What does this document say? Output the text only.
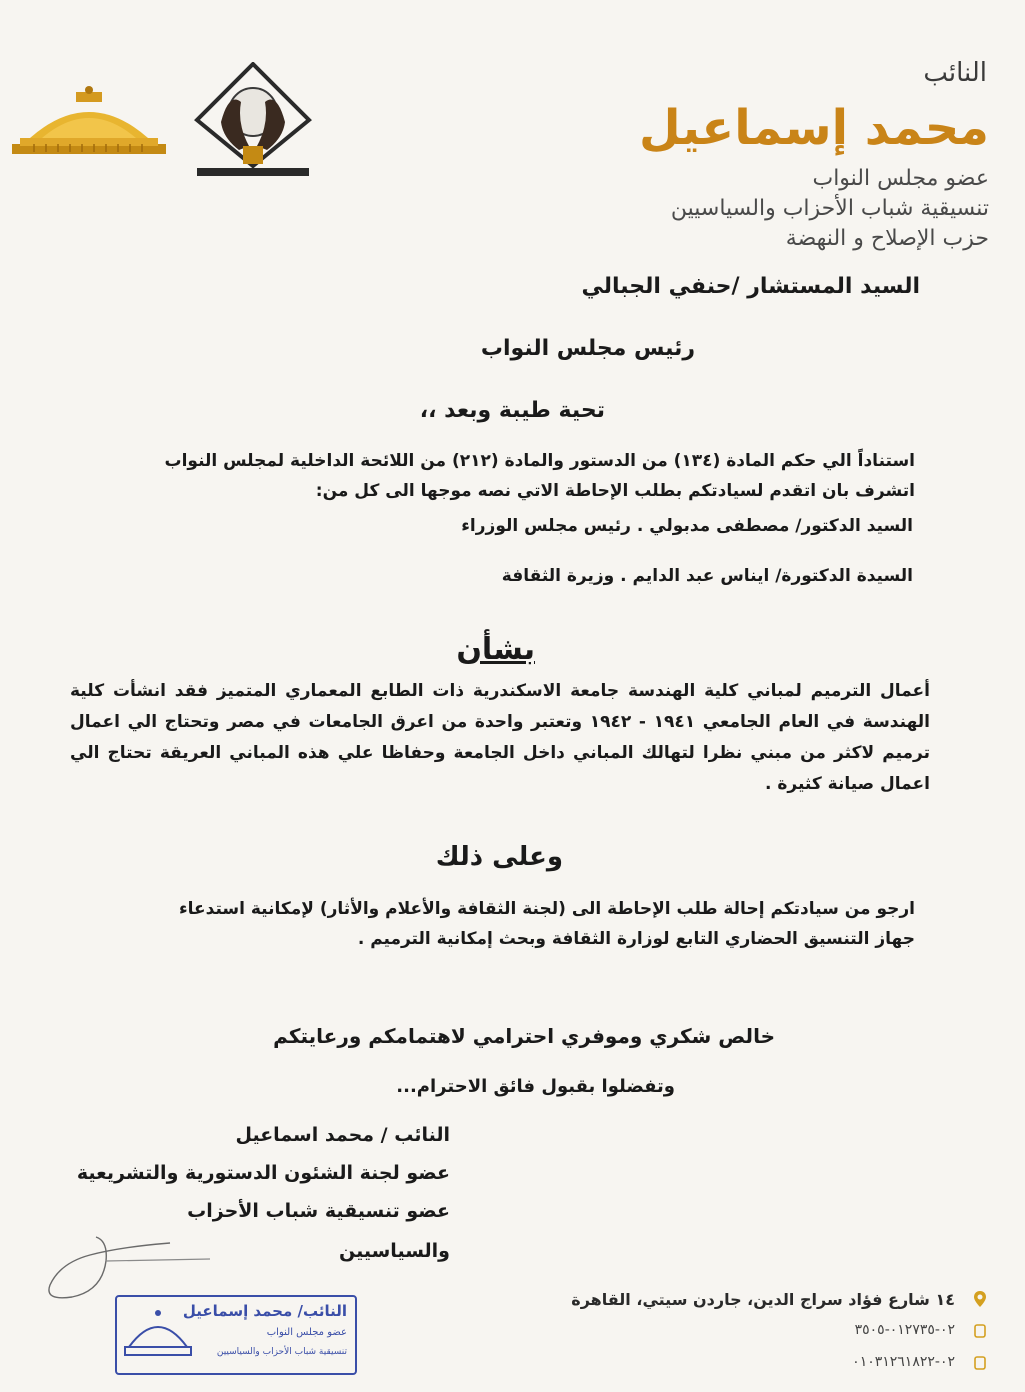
النائب
محمد إسماعيل
عضو مجلس النواب
تنسيقية شباب الأحزاب والسياسيين
حزب الإصلاح و النهضة
السيد المستشار /حنفي الجبالي
رئيس مجلس النواب
تحية طيبة وبعد ،،
استناداً الي حكم المادة (١٣٤) من الدستور والمادة (٢١٢) من اللائحة الداخلية لمجلس النواب اتشرف بان اتقدم لسيادتكم بطلب الإحاطة الاتي نصه موجها الى كل من:
السيد الدكتور/ مصطفى مدبولي . رئيس مجلس الوزراء
السيدة الدكتورة/ ايناس عبد الدايم . وزيرة الثقافة
بشأن
أعمال الترميم لمباني كلية الهندسة جامعة الاسكندرية ذات الطابع المعماري المتميز فقد انشأت كلية الهندسة في العام الجامعي ١٩٤١ - ١٩٤٢ وتعتبر واحدة من اعرق الجامعات في مصر وتحتاج الي اعمال ترميم لاكثر من مبني نظرا لتهالك المباني داخل الجامعة وحفاظا علي هذه المباني العريقة تحتاج الي اعمال صيانة كثيرة .
وعلى ذلك
ارجو من سيادتكم إحالة طلب الإحاطة الى (لجنة الثقافة والأعلام والأثار) لإمكانية استدعاء جهاز التنسيق الحضاري التابع لوزارة الثقافة وبحث إمكانية الترميم .
خالص شكري وموفري احترامي لاهتمامكم ورعايتكم
وتفضلوا بقبول فائق الاحترام...
النائب / محمد اسماعيل
عضو لجنة الشئون الدستورية والتشريعية
عضو تنسيقية شباب الأحزاب
والسياسيين
النائب/ محمد إسماعيل
عضو مجلس النواب
تنسيقية شباب الأحزاب والسياسيين
١٤ شارع فؤاد سراج الدين، جاردن سيتي، القاهرة
٠٢-٠١٢٧٣٥-٣٥٠٥
٠٢-٠١٠٣١٢٦١٨٢٢
